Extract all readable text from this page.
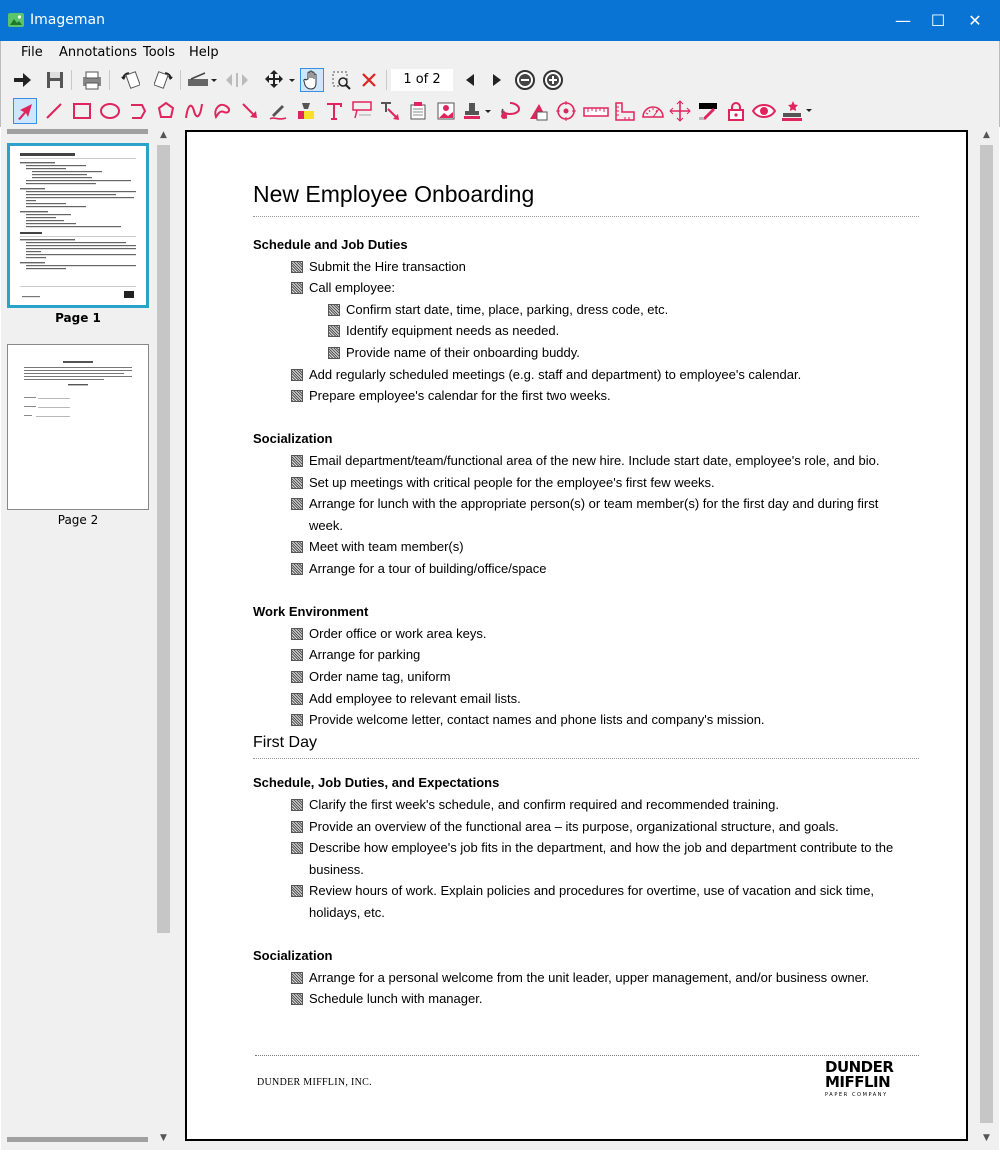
Imageman	—	☐	✕
File Annotations Tools Help
1 of 2
Page 1
Page 2
▲
▼
New Employee Onboarding
DUNDER MIFFLIN, INC.
DUNDER
MIFFLIN
PAPER COMPANY
Schedule and Job Duties
Submit the Hire transaction
Call employee:
Confirm start date, time, place, parking, dress code, etc.
Identify equipment needs as needed.
Provide name of their onboarding buddy.
Add regularly scheduled meetings (e.g. staff and department) to employee's calendar.
Prepare employee's calendar for the first two weeks.
Socialization
Email department/team/functional area of the new hire. Include start date, employee's role, and bio.
Set up meetings with critical people for the employee's first few weeks.
Arrange for lunch with the appropriate person(s) or team member(s) for the first day and during first
week.
Meet with team member(s)
Arrange for a tour of building/office/space
Work Environment
Order office or work area keys.
Arrange for parking
Order name tag, uniform
Add employee to relevant email lists.
Provide welcome letter, contact names and phone lists and company's mission.
First Day
Schedule, Job Duties, and Expectations
Clarify the first week's schedule, and confirm required and recommended training.
Provide an overview of the functional area – its purpose, organizational structure, and goals.
Describe how employee's job fits in the department, and how the job and department contribute to the
business.
Review hours of work. Explain policies and procedures for overtime, use of vacation and sick time,
holidays, etc.
Socialization
Arrange for a personal welcome from the unit leader, upper management, and/or business owner.
Schedule lunch with manager.
▲
▼
